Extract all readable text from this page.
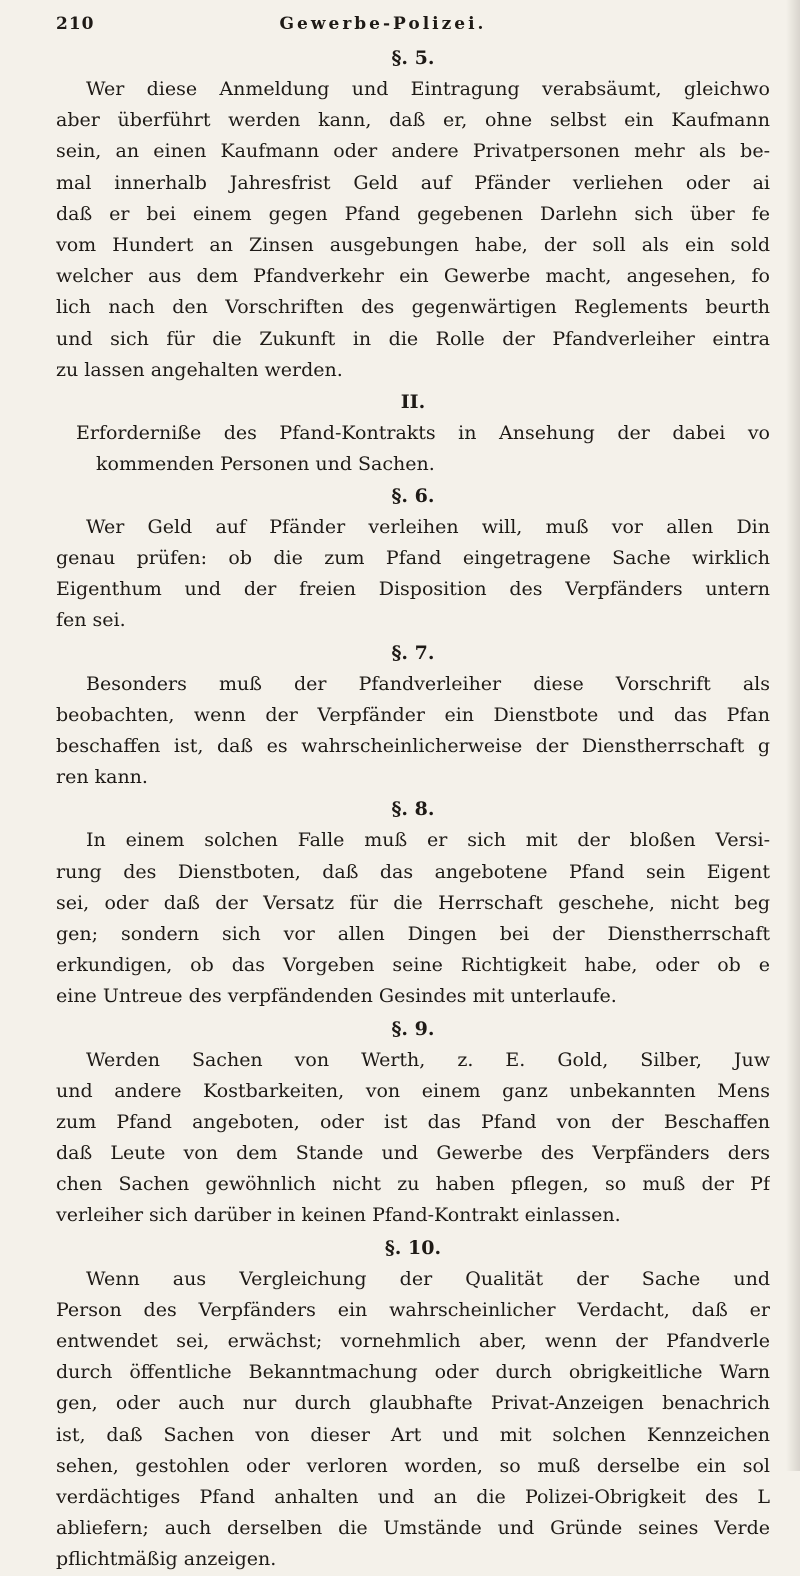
210	Gewerbe-Polizei.
§. 5.
Wer diese Anmeldung und Eintragung verabsäumt, gleichwo
aber überführt werden kann, daß er, ohne selbst ein Kaufmann
sein, an einen Kaufmann oder andere Privatpersonen mehr als be-
mal innerhalb Jahresfrist Geld auf Pfänder verliehen oder ai
daß er bei einem gegen Pfand gegebenen Darlehn sich über fe
vom Hundert an Zinsen ausgebungen habe, der soll als ein sold
welcher aus dem Pfandverkehr ein Gewerbe macht, angesehen, fo
lich nach den Vorschriften des gegenwärtigen Reglements beurth
und sich für die Zukunft in die Rolle der Pfandverleiher eintra
zu lassen angehalten werden.
II.
Erforderniße des Pfand-Kontrakts in Ansehung der dabei vo
kommenden Personen und Sachen.
§. 6.
Wer Geld auf Pfänder verleihen will, muß vor allen Din
genau prüfen: ob die zum Pfand eingetragene Sache wirklich
Eigenthum und der freien Disposition des Verpfänders untern
fen sei.
§. 7.
Besonders muß der Pfandverleiher diese Vorschrift als
beobachten, wenn der Verpfänder ein Dienstbote und das Pfan
beschaffen ist, daß es wahrscheinlicherweise der Dienstherrschaft g
ren kann.
§. 8.
In einem solchen Falle muß er sich mit der bloßen Versi-
rung des Dienstboten, daß das angebotene Pfand sein Eigent
sei, oder daß der Versatz für die Herrschaft geschehe, nicht beg
gen; sondern sich vor allen Dingen bei der Dienstherrschaft
erkundigen, ob das Vorgeben seine Richtigkeit habe, oder ob e
eine Untreue des verpfändenden Gesindes mit unterlaufe.
§. 9.
Werden Sachen von Werth, z. E. Gold, Silber, Juw
und andere Kostbarkeiten, von einem ganz unbekannten Mens
zum Pfand angeboten, oder ist das Pfand von der Beschaffen
daß Leute von dem Stande und Gewerbe des Verpfänders ders
chen Sachen gewöhnlich nicht zu haben pflegen, so muß der Pf
verleiher sich darüber in keinen Pfand-Kontrakt einlassen.
§. 10.
Wenn aus Vergleichung der Qualität der Sache und
Person des Verpfänders ein wahrscheinlicher Verdacht, daß er
entwendet sei, erwächst; vornehmlich aber, wenn der Pfandverle
durch öffentliche Bekanntmachung oder durch obrigkeitliche Warn
gen, oder auch nur durch glaubhafte Privat-Anzeigen benachrich
ist, daß Sachen von dieser Art und mit solchen Kennzeichen
sehen, gestohlen oder verloren worden, so muß derselbe ein sol
verdächtiges Pfand anhalten und an die Polizei-Obrigkeit des L
abliefern; auch derselben die Umstände und Gründe seines Verde
pflichtmäßig anzeigen.
